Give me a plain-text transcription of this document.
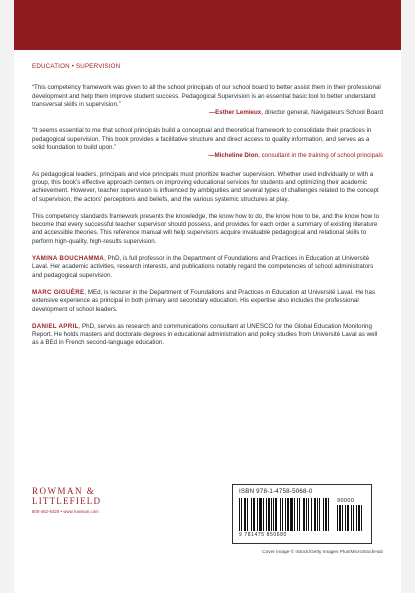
EDUCATION • SUPERVISION

“This competency framework was given to all the school principals of our school board to better assist them in their professional development and help them improve student success. Pedagogical Supervision is an essential basic tool to better understand transversal skills in supervision.”

—Esther Lemieux, director general, Navigateurs School Board

“It seems essential to me that school principals build a conceptual and theoretical framework to consolidate their practices in pedagogical supervision. This book provides a facilitative structure and direct access to quality information, and serves as a solid foundation to build upon.”

—Micheline Dion, consultant in the training of school principals

As pedagogical leaders, principals and vice principals must prioritize teacher supervision. Whether used individually or with a group, this book’s effective approach centers on improving educational services for students and optimizing their academic achievement. However, teacher supervision is influenced by ambiguities and several types of challenges related to the concept of supervision, the actors’ perceptions and beliefs, and the various systemic structures at play.

This competency standards framework presents the knowledge, the know how to do, the know how to be, and the know how to become that every successful teacher supervisor should possess, and provides for each order a summary of existing literature and accessible theories. This reference manual will help supervisors acquire invaluable pedagogical and relational skills to perform high-quality, high-results supervision.

YAMINA BOUCHAMMA, PhD, is full professor in the Department of Foundations and Practices in Education at Université Laval. Her academic activities, research interests, and publications notably regard the competencies of school administrators and pedagogical supervision.

MARC GIGUÈRE, MEd, is lecturer in the Department of Foundations and Practices in Education at Université Laval. He has extensive experience as principal in both primary and secondary education. His expertise also includes the professional development of school leaders.

DANIEL APRIL, PhD, serves as research and communications consultant at UNESCO for the Global Education Monitoring Report. He holds masters and doctorate degrees in educational administration and policy studies from Université Laval as well as a BEd in French second-language education.

ROWMAN &
LITTLEFIELD
800-462-6420 • www.rowman.com
ISBN 978-1-4758-5068-0
9 781475 850680
90000
Cover image © iStock/Getty Images Plus/MicroStockHub
